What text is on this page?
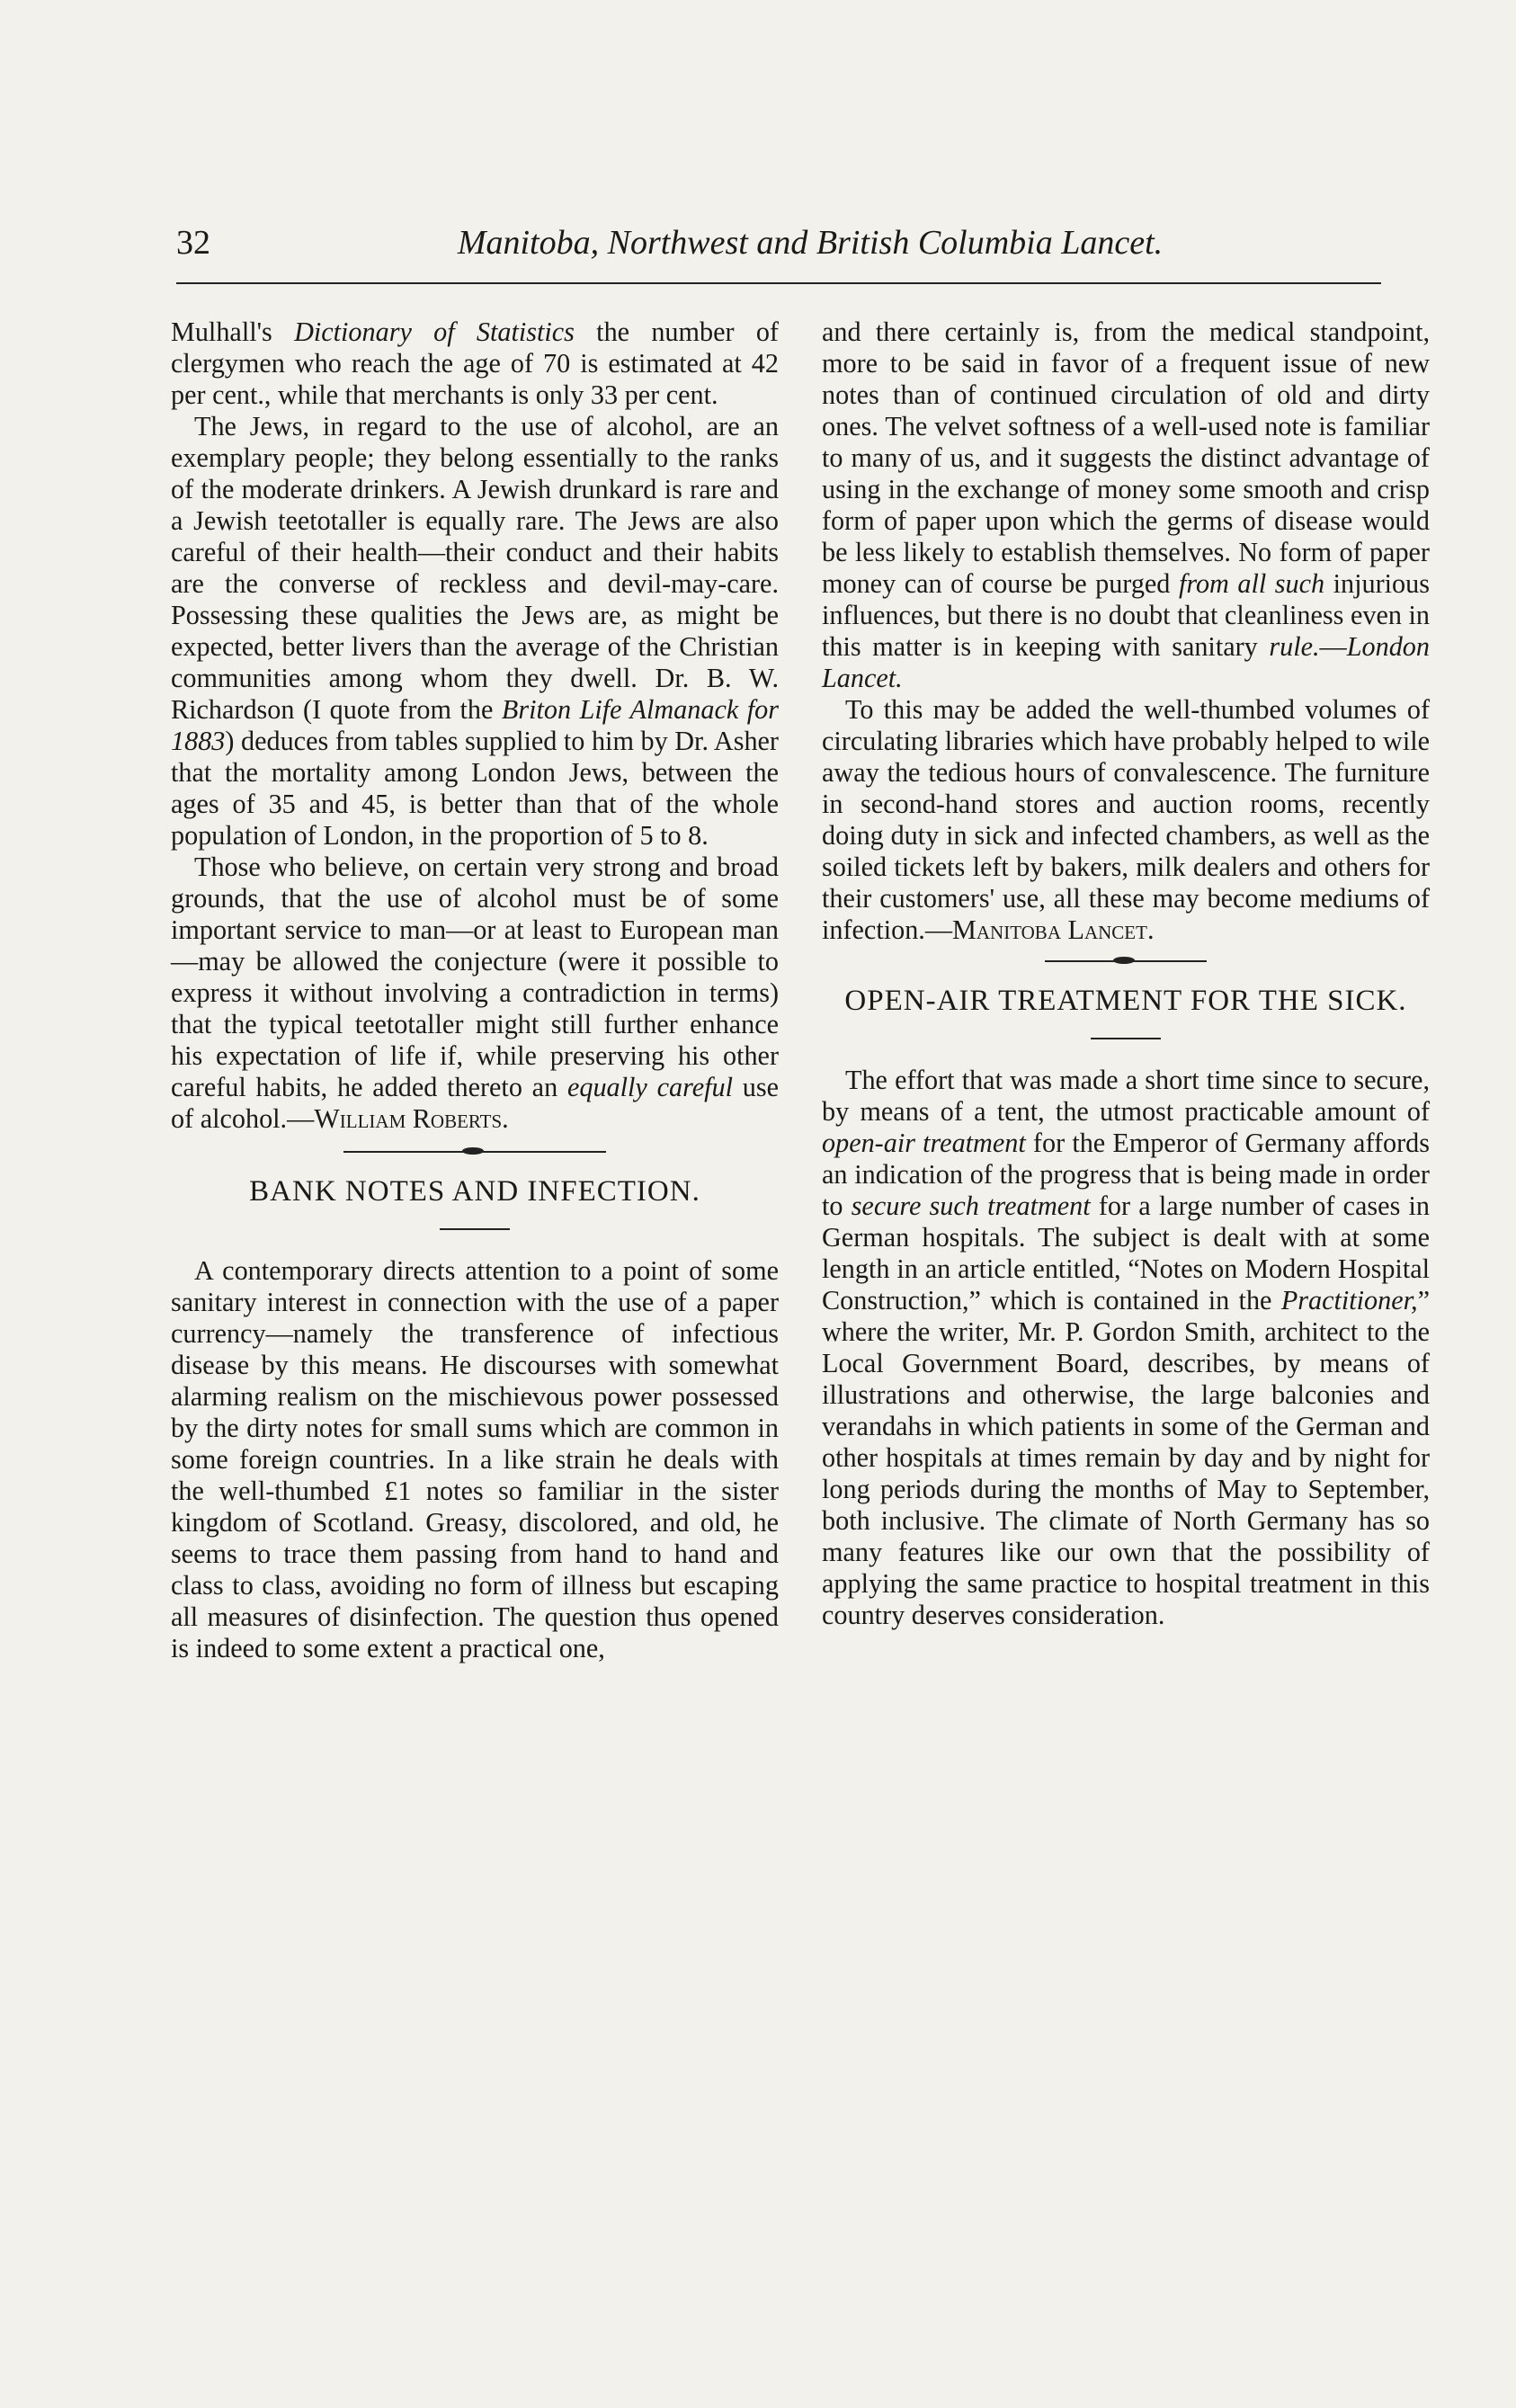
32	Manitoba, Northwest and British Columbia Lancet.

Mulhall's Dictionary of Statistics the number of clergymen who reach the age of 70 is estimated at 42 per cent., while that merchants is only 33 per cent.

The Jews, in regard to the use of alcohol, are an exemplary people; they belong essentially to the ranks of the moderate drinkers. A Jewish drunkard is rare and a Jewish teetotaller is equally rare. The Jews are also careful of their health—their conduct and their habits are the converse of reckless and devil-may-care. Possessing these qualities the Jews are, as might be expected, better livers than the average of the Christian communities among whom they dwell. Dr. B. W. Richardson (I quote from the Briton Life Almanack for 1883) deduces from tables supplied to him by Dr. Asher that the mortality among London Jews, between the ages of 35 and 45, is better than that of the whole population of London, in the proportion of 5 to 8.

Those who believe, on certain very strong and broad grounds, that the use of alcohol must be of some important service to man—or at least to European man—may be allowed the conjecture (were it possible to express it without involving a contradiction in terms) that the typical teetotaller might still further enhance his expectation of life if, while preserving his other careful habits, he added thereto an equally careful use of alcohol.—William Roberts.

BANK NOTES AND INFECTION.

A contemporary directs attention to a point of some sanitary interest in connection with the use of a paper currency—namely the transference of infectious disease by this means. He discourses with somewhat alarming realism on the mischievous power possessed by the dirty notes for small sums which are common in some foreign countries. In a like strain he deals with the well-thumbed £1 notes so familiar in the sister kingdom of Scotland. Greasy, discolored, and old, he seems to trace them passing from hand to hand and class to class, avoiding no form of illness but escaping all measures of disinfection. The question thus opened is indeed to some extent a practical one,

and there certainly is, from the medical standpoint, more to be said in favor of a frequent issue of new notes than of continued circulation of old and dirty ones. The velvet softness of a well-used note is familiar to many of us, and it suggests the distinct advantage of using in the exchange of money some smooth and crisp form of paper upon which the germs of disease would be less likely to establish themselves. No form of paper money can of course be purged from all such injurious influences, but there is no doubt that cleanliness even in this matter is in keeping with sanitary rule.—London Lancet.

To this may be added the well-thumbed volumes of circulating libraries which have probably helped to wile away the tedious hours of convalescence. The furniture in second-hand stores and auction rooms, recently doing duty in sick and infected chambers, as well as the soiled tickets left by bakers, milk dealers and others for their customers' use, all these may become mediums of infection.—Manitoba Lancet.

OPEN-AIR TREATMENT FOR THE SICK.

The effort that was made a short time since to secure, by means of a tent, the utmost practicable amount of open-air treatment for the Emperor of Germany affords an indication of the progress that is being made in order to secure such treatment for a large number of cases in German hospitals. The subject is dealt with at some length in an article entitled, “Notes on Modern Hospital Construction,” which is contained in the Practitioner,” where the writer, Mr. P. Gordon Smith, architect to the Local Government Board, describes, by means of illustrations and otherwise, the large balconies and verandahs in which patients in some of the German and other hospitals at times remain by day and by night for long periods during the months of May to September, both inclusive. The climate of North Germany has so many features like our own that the possibility of applying the same practice to hospital treatment in this country deserves consideration.
